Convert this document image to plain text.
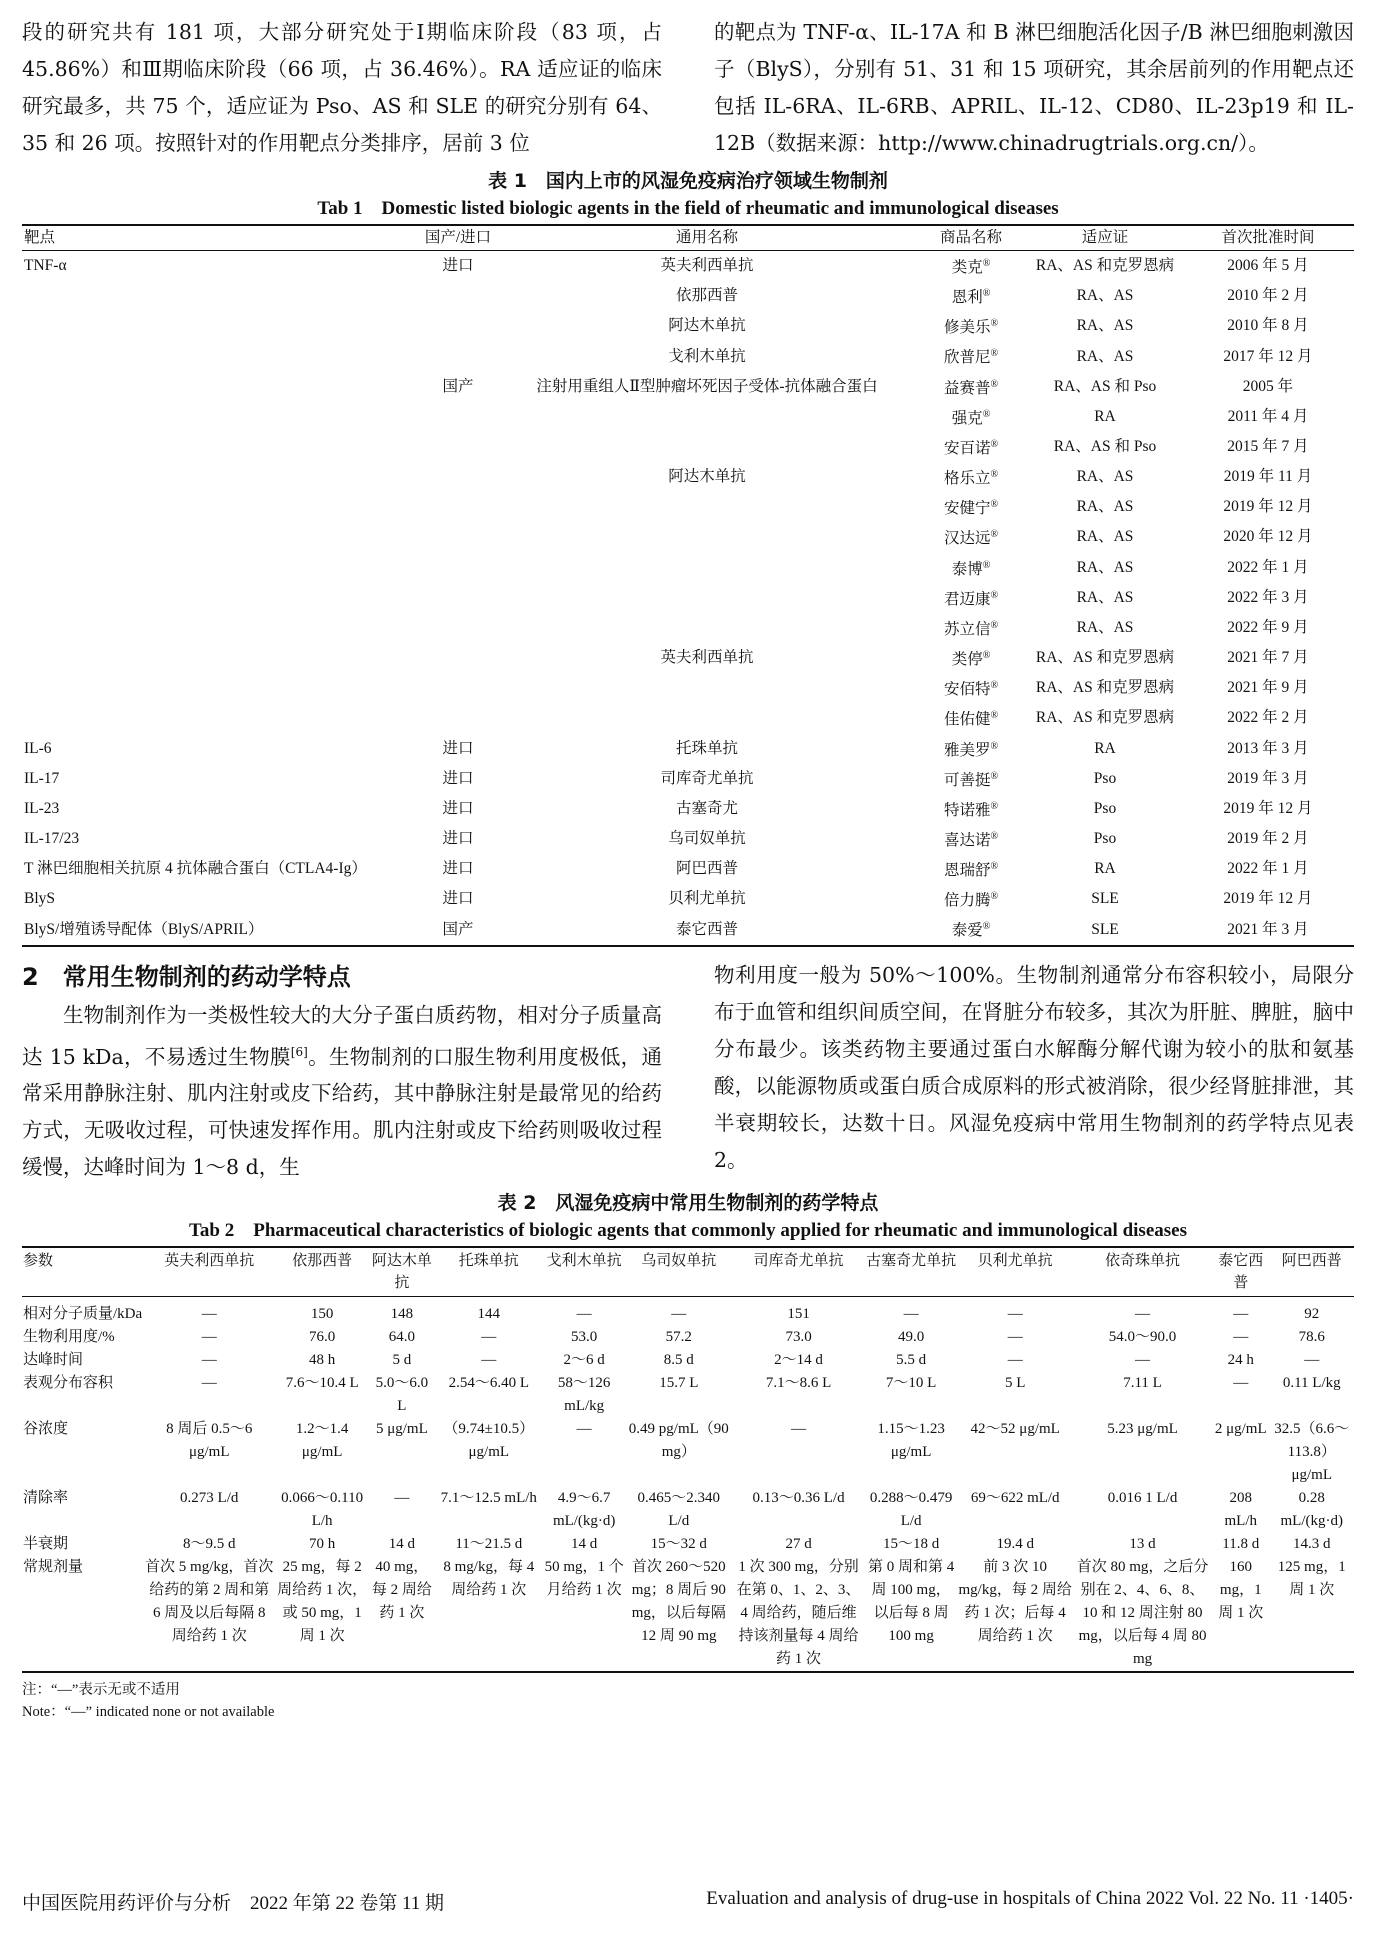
段的研究共有 181 项，大部分研究处于Ⅰ期临床阶段（83 项，占 45.86%）和Ⅲ期临床阶段（66 项，占 36.46%）。RA 适应证的临床研究最多，共 75 个，适应证为 Pso、AS 和 SLE 的研究分别有 64、35 和 26 项。按照针对的作用靶点分类排序，居前 3 位

的靶点为 TNF-α、IL-17A 和 B 淋巴细胞活化因子/B 淋巴细胞刺激因子（BlyS），分别有 51、31 和 15 项研究，其余居前列的作用靶点还包括 IL-6RA、IL-6RB、APRIL、IL-12、CD80、IL-23p19 和 IL-12B（数据来源：http://www.chinadrugtrials.org.cn/）。

表 1　国内上市的风湿免疫病治疗领域生物制剂
Tab 1　Domestic listed biologic agents in the field of rheumatic and immunological diseases
靶点	国产/进口	通用名称	商品名称	适应证	首次批准时间
TNF-α	进口	英夫利西单抗	类克®	RA、AS 和克罗恩病	2006 年 5 月
		依那西普	恩利®	RA、AS	2010 年 2 月
		阿达木单抗	修美乐®	RA、AS	2010 年 8 月
		戈利木单抗	欣普尼®	RA、AS	2017 年 12 月
	国产	注射用重组人Ⅱ型肿瘤坏死因子受体-抗体融合蛋白	益赛普®	RA、AS 和 Pso	2005 年
			强克®	RA	2011 年 4 月
			安百诺®	RA、AS 和 Pso	2015 年 7 月
		阿达木单抗	格乐立®	RA、AS	2019 年 11 月
			安健宁®	RA、AS	2019 年 12 月
			汉达远®	RA、AS	2020 年 12 月
			泰博®	RA、AS	2022 年 1 月
			君迈康®	RA、AS	2022 年 3 月
			苏立信®	RA、AS	2022 年 9 月
		英夫利西单抗	类停®	RA、AS 和克罗恩病	2021 年 7 月
			安佰特®	RA、AS 和克罗恩病	2021 年 9 月
			佳佑健®	RA、AS 和克罗恩病	2022 年 2 月
IL-6	进口	托珠单抗	雅美罗®	RA	2013 年 3 月
IL-17	进口	司库奇尤单抗	可善挺®	Pso	2019 年 3 月
IL-23	进口	古塞奇尤	特诺雅®	Pso	2019 年 12 月
IL-17/23	进口	乌司奴单抗	喜达诺®	Pso	2019 年 2 月
T 淋巴细胞相关抗原 4 抗体融合蛋白（CTLA4-Ig）	进口	阿巴西普	恩瑞舒®	RA	2022 年 1 月
BlyS	进口	贝利尤单抗	倍力腾®	SLE	2019 年 12 月
BlyS/增殖诱导配体（BlyS/APRIL）	国产	泰它西普	泰爱®	SLE	2021 年 3 月
2　常用生物制剂的药动学特点

生物制剂作为一类极性较大的大分子蛋白质药物，相对分子质量高达 15 kDa，不易透过生物膜[6]。生物制剂的口服生物利用度极低，通常采用静脉注射、肌内注射或皮下给药，其中静脉注射是最常见的给药方式，无吸收过程，可快速发挥作用。肌内注射或皮下给药则吸收过程缓慢，达峰时间为 1～8 d，生

物利用度一般为 50%～100%。生物制剂通常分布容积较小，局限分布于血管和组织间质空间，在肾脏分布较多，其次为肝脏、脾脏，脑中分布最少。该类药物主要通过蛋白水解酶分解代谢为较小的肽和氨基酸，以能源物质或蛋白质合成原料的形式被消除，很少经肾脏排泄，其半衰期较长，达数十日。风湿免疫病中常用生物制剂的药学特点见表 2。

表 2　风湿免疫病中常用生物制剂的药学特点
Tab 2　Pharmaceutical characteristics of biologic agents that commonly applied for rheumatic and immunological diseases
参数	英夫利西单抗	依那西普	阿达木单抗	托珠单抗	戈利木单抗	乌司奴单抗	司库奇尤单抗	古塞奇尤单抗	贝利尤单抗	依奇珠单抗	泰它西普	阿巴西普
相对分子质量/kDa	—	150	148	144	—	—	151	—	—	—	—	92
生物利用度/%	—	76.0	64.0	—	53.0	57.2	73.0	49.0	—	54.0～90.0	—	78.6
达峰时间	—	48 h	5 d	—	2～6 d	8.5 d	2～14 d	5.5 d	—	—	24 h	—
表观分布容积	—	7.6～10.4 L	5.0～6.0 L	2.54～6.40 L	58～126 mL/kg	15.7 L	7.1～8.6 L	7～10 L	5 L	7.11 L	—	0.11 L/kg
谷浓度	8 周后 0.5～6 μg/mL	1.2～1.4 μg/mL	5 μg/mL	（9.74±10.5）μg/mL	—	0.49 pg/mL（90 mg）	—	1.15～1.23 μg/mL	42～52 μg/mL	5.23 μg/mL	2 μg/mL	32.5（6.6～113.8）μg/mL
清除率	0.273 L/d	0.066～0.110 L/h	—	7.1～12.5 mL/h	4.9～6.7 mL/(kg·d)	0.465～2.340 L/d	0.13～0.36 L/d	0.288～0.479 L/d	69～622 mL/d	0.016 1 L/d	208 mL/h	0.28 mL/(kg·d)
半衰期	8～9.5 d	70 h	14 d	11～21.5 d	14 d	15～32 d	27 d	15～18 d	19.4 d	13 d	11.8 d	14.3 d
常规剂量	首次 5 mg/kg，首次给药的第 2 周和第 6 周及以后每隔 8 周给药 1 次	25 mg，每 2 周给药 1 次，或 50 mg，1 周 1 次	40 mg，每 2 周给药 1 次	8 mg/kg，每 4 周给药 1 次	50 mg，1 个月给药 1 次	首次 260～520 mg；8 周后 90 mg，以后每隔 12 周 90 mg	1 次 300 mg，分别在第 0、1、2、3、4 周给药，随后维持该剂量每 4 周给药 1 次	第 0 周和第 4 周 100 mg，以后每 8 周 100 mg	前 3 次 10 mg/kg，每 2 周给药 1 次；后每 4 周给药 1 次	首次 80 mg，之后分别在 2、4、6、8、10 和 12 周注射 80 mg，以后每 4 周 80 mg	160 mg，1 周 1 次	125 mg，1 周 1 次
注：“—”表示无或不适用
Note：“—” indicated none or not available
中国医院用药评价与分析　2022 年第 22 卷第 11 期	Evaluation and analysis of drug-use in hospitals of China 2022 Vol. 22 No. 11 ·1405·
